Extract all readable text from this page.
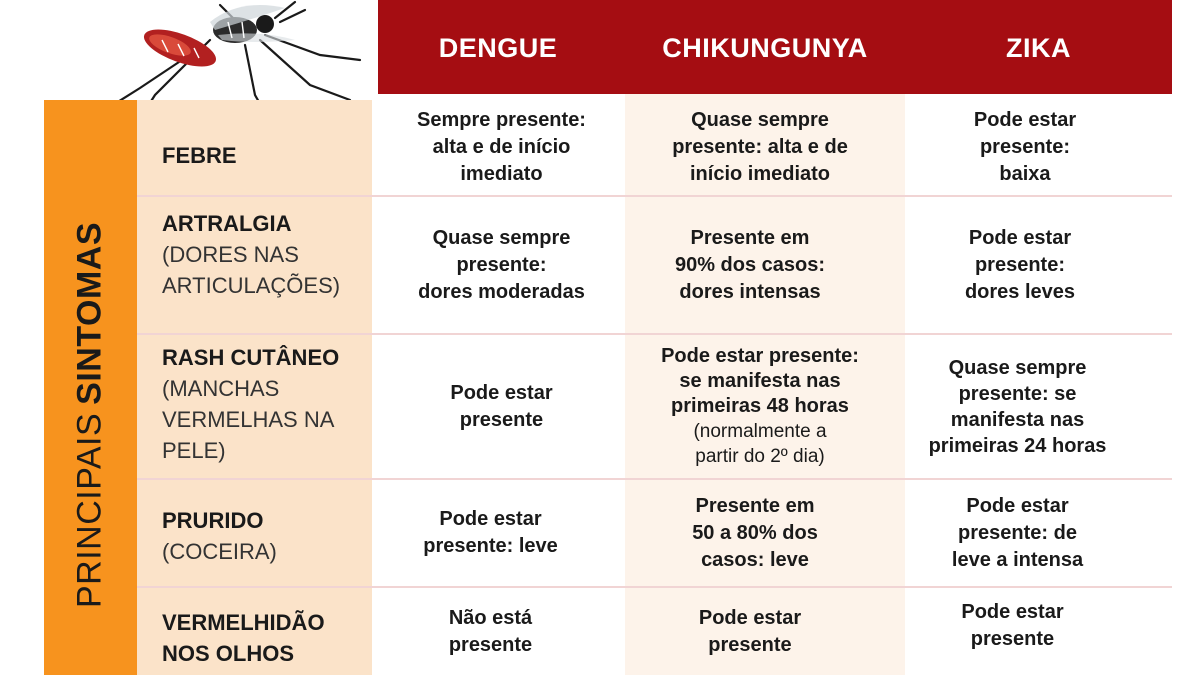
DENGUE	CHIKUNGUNYA	ZIKA
PRINCIPAISSINTOMAS
FEBRE
Sempre presente:
alta e de início
imediato
Quase sempre
presente: alta e de
início imediato
Pode estar
presente:
baixa
ARTRALGIA
(DORES NAS
ARTICULAÇÕES)
Quase sempre
presente:
dores moderadas
Presente em
90% dos casos:
dores intensas
Pode estar
presente:
dores leves
RASH CUTÂNEO
(MANCHAS
VERMELHAS NA
PELE)
Pode estar
presente
Pode estar presente:
se manifesta nas
primeiras 48 horas
(normalmente a
partir do 2º dia)
Quase sempre
presente: se
manifesta nas
primeiras 24 horas
PRURIDO
(COCEIRA)
Pode estar
presente: leve
Presente em
50 a 80% dos
casos: leve
Pode estar
presente: de
leve a intensa
VERMELHIDÃO
NOS OLHOS
Não está
presente
Pode estar
presente
Pode estar
presente
